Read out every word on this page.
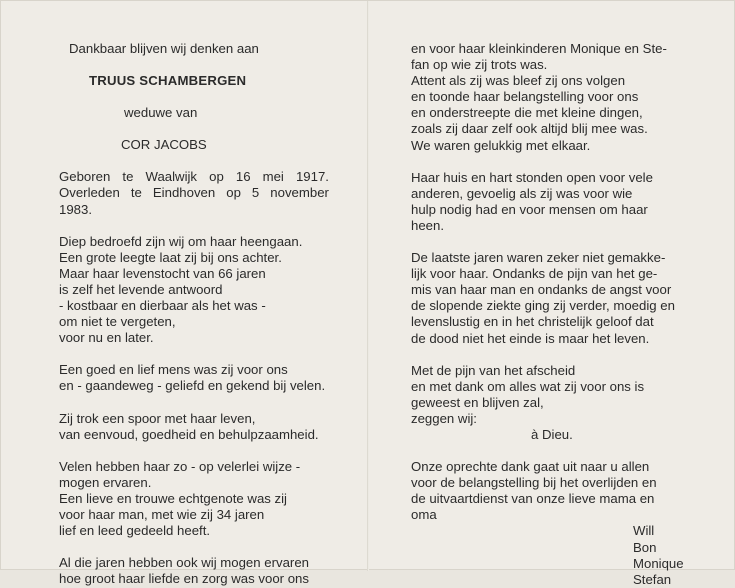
Dankbaar blijven wij denken aan
TRUUS SCHAMBERGEN
weduwe van
COR JACOBS
Geboren te Waalwijk op 16 mei 1917.
Overleden te Eindhoven op 5 november
1983.
Diep bedroefd zijn wij om haar heengaan.
Een grote leegte laat zij bij ons achter.
Maar haar levenstocht van 66 jaren
is zelf het levende antwoord
- kostbaar en dierbaar als het was -
om niet te vergeten,
voor nu en later.
Een goed en lief mens was zij voor ons
en - gaandeweg - geliefd en gekend bij velen.
Zij trok een spoor met haar leven,
van eenvoud, goedheid en behulpzaamheid.
Velen hebben haar zo - op velerlei wijze -
mogen ervaren.
Een lieve en trouwe echtgenote was zij
voor haar man, met wie zij 34 jaren
lief en leed gedeeld heeft.
Al die jaren hebben ook wij mogen ervaren
hoe groot haar liefde en zorg was voor ons
en voor haar kleinkinderen Monique en Ste-
fan op wie zij trots was.
Attent als zij was bleef zij ons volgen
en toonde haar belangstelling voor ons
en onderstreepte die met kleine dingen,
zoals zij daar zelf ook altijd blij mee was.
We waren gelukkig met elkaar.
Haar huis en hart stonden open voor vele
anderen, gevoelig als zij was voor wie
hulp nodig had en voor mensen om haar
heen.
De laatste jaren waren zeker niet gemakke-
lijk voor haar. Ondanks de pijn van het ge-
mis van haar man en ondanks de angst voor
de slopende ziekte ging zij verder, moedig en
levenslustig en in het christelijk geloof dat
de dood niet het einde is maar het leven.
Met de pijn van het afscheid
en met dank om alles wat zij voor ons is
geweest en blijven zal,
zeggen wij:
à Dieu.
Onze oprechte dank gaat uit naar u allen
voor de belangstelling bij het overlijden en
de uitvaartdienst van onze lieve mama en
oma
Will
Bon
Monique
Stefan
